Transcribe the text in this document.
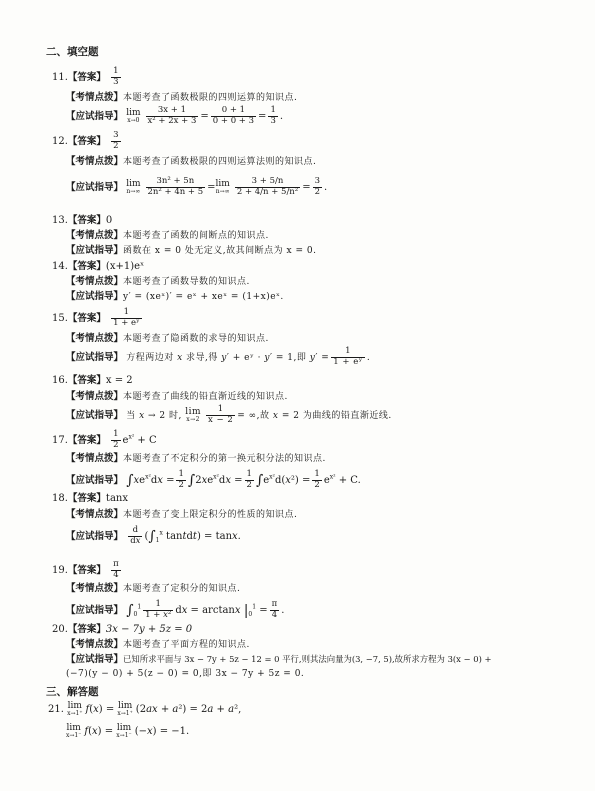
二、填空题
11.【答案】 $\frac{1}{3}$
【考情点拨】本题考查了函数极限的四则运算的知识点.
【应试指导】 lim
$x\to 0 \frac{3x + 1}{\text{x² + 2x + 3}} = \frac{0 + 1}{0 + 0 + 3} = \frac{1}{3}$ .
12.【答案】 $\frac{3}{2}$
【考情点拨】本题考查了函数极限的四则运算法则的知识点.
【应试指导】 lim
$n\to\infty \frac{\text{3n² + 5n}}{\text{2n² + 4n + 5}} = \lim$
$n\to\infty \frac{3 + 5/n}{\text{2 + 4/n + 5/n²}} = \frac{3}{2}$ .
13.【答案】0
【考情点拨】本题考查了函数的间断点的知识点.
【应试指导】函数在 x = 0 处无定义,故其间断点为 x = 0.
14.【答案】(x+1)eˣ
【考情点拨】本题考查了函数导数的知识点.
【应试指导】y′ = (xeˣ)′ = eˣ + xeˣ = (1+x)eˣ.
15.【答案】 $\frac{1}{\text{1 + eʸ}}$
【考情点拨】本题考查了隐函数的求导的知识点.
【应试指导】 方程两边对 x 求导,得 y′ + eʸ · y′ = 1,即 $y' = \frac{1}{\text{1 + eʸ}}$ .
16.【答案】x = 2
【考情点拨】本题考查了曲线的铅直渐近线的知识点.
【应试指导】 当 x → 2 时, lim
$x\to 2 \frac{1}{x - 2}$ = ∞,故 x = 2 为曲线的铅直渐近线.
17.【答案】 $\frac{1}{2} e^{x^2} + C$
【考情点拨】本题考查了不定积分的第一换元积分法的知识点.
【应试指导】 $\int xe^{x^2}dx = \frac{1}{2} \int 2xe^{x^2}dx = \frac{1}{2} \int e^{x^2}d(x^2) = \frac{1}{2} e^{x^2} + C$.
18.【答案】tanx
【考情点拨】本题考查了变上限定积分的性质的知识点.
【应试指导】 $\frac{d}{dx} (\int_1^x$ tantdt) = tanx.
19.【答案】 $\frac{\pi}{4}$
【考情点拨】本题考查了定积分的知识点.
【应试指导】 $\int_0^1 \frac{1}{\text{1 + x²}}$ dx = arctanx $|_0^1 = \frac{\pi}{4}$ .
20.【答案】3x − 7y + 5z = 0
【考情点拨】本题考查了平面方程的知识点.
【应试指导】已知所求平面与 3x − 7y + 5z − 12 = 0 平行,则其法向量为(3, −7, 5),故所求方程为 3(x − 0) +
(−7)(y − 0) + 5(z − 0) = 0,即 3x − 7y + 5z = 0.
三、解答题
21. lim
x→1⁺ f(x) = lim
x→1⁺ (2ax + a²) = 2a + a²,
lim
x→1⁻ f(x) = lim
x→1⁻ (−x) = −1.
